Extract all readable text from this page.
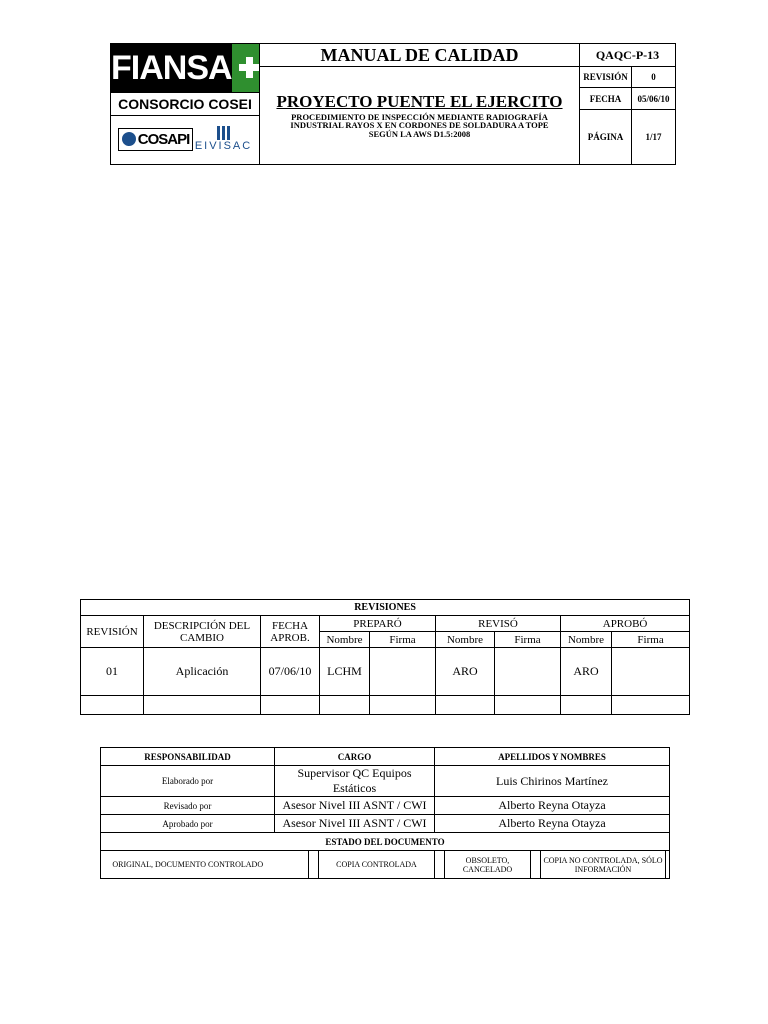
FIANSA
CONSORCIO COSEI
COSAPI EIVISAC	MANUAL DE CALIDAD	QAQC-P-13	

	PROYECTO PUENTE EL EJERCITO
PROCEDIMIENTO DE INSPECCIÓN MEDIANTE RADIOGRAFÍA
INDUSTRIAL RAYOS X EN CORDONES DE SOLDADURA A TOPE
SEGÚN LA AWS D1.5:2008	REVISIÓN	0
		FECHA	05/06/10
		PÁGINA	1/17
REVISIONES								
REVISIÓN	DESCRIPCIÓN DEL CAMBIO	FECHA APROB.	PREPARÓ		REVISÓ		APROBÓ	
			Nombre	Firma	Nombre	Firma	Nombre	Firma
01	Aplicación	07/06/10	LCHM		ARO		ARO	

RESPONSABILIDAD	CARGO			APELLIDOS Y NOMBRES				
Elaborado por	Supervisor QC Equipos Estáticos			Luis Chirinos Martínez				
Revisado por	Asesor Nivel III ASNT / CWI			Alberto Reyna Otayza				
Aprobado por	Asesor Nivel III ASNT / CWI			Alberto Reyna Otayza				
ESTADO DEL DOCUMENTO								
ORIGINAL, DOCUMENTO CONTROLADO			COPIA CONTROLADA		OBSOLETO, CANCELADO		COPIA NO CONTROLADA, SÓLO INFORMACIÓN	
